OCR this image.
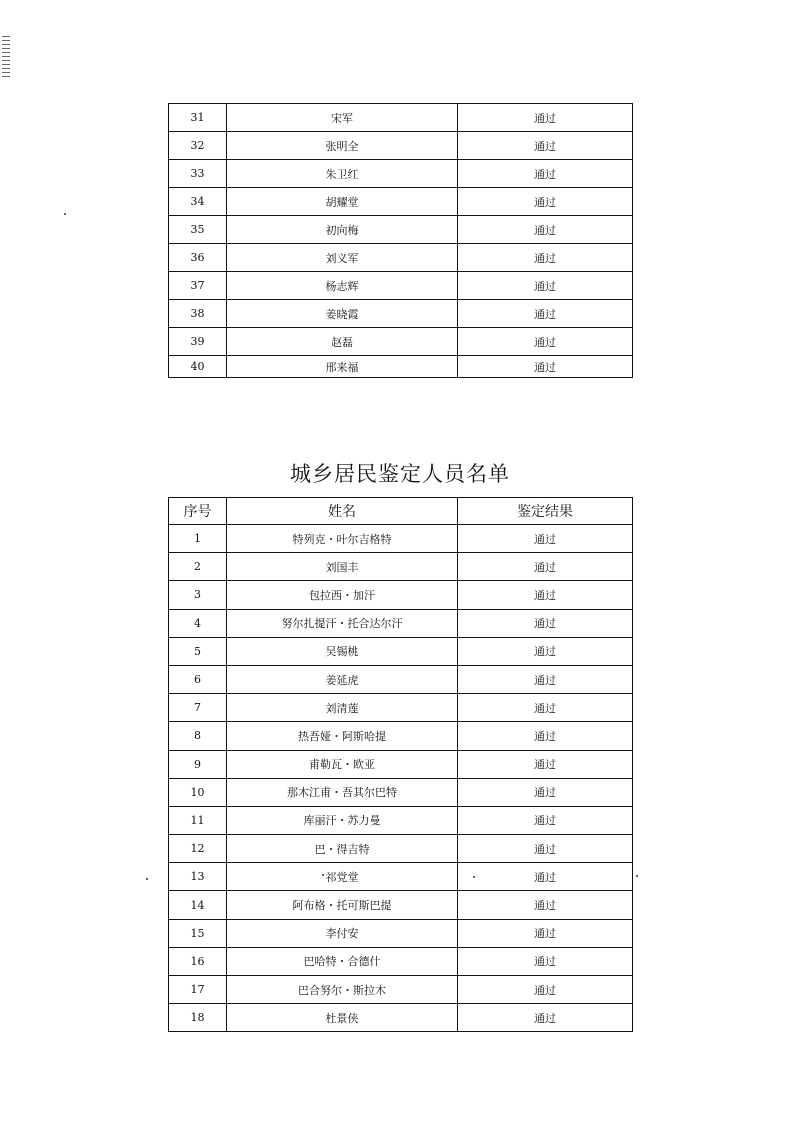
31	宋军	通过
32	张明全	通过
33	朱卫红	通过
34	胡耀堂	通过
35	初向梅	通过
36	刘义军	通过
37	杨志辉	通过
38	姜晓霞	通过
39	赵磊	通过
40	邢来福	通过
城乡居民鉴定人员名单
序号	姓名	鉴定结果
1	特列克・叶尔吉格特	通过
2	刘国丰	通过
3	包拉西・加汗	通过
4	努尔扎提汗・托合达尔汗	通过
5	吴锡桃	通过
6	姜延虎	通过
7	刘清莲	通过
8	热吾娅・阿斯哈提	通过
9	甫勒瓦・欧亚	通过
10	那木江甫・吾其尔巴特	通过
11	库丽汗・苏力曼	通过
12	巴・得吉特	通过
13	祁党堂	通过
14	阿布格・托可斯巴提	通过
15	李付安	通过
16	巴哈特・合德什	通过
17	巴合努尔・斯拉木	通过
18	杜景侠	通过
